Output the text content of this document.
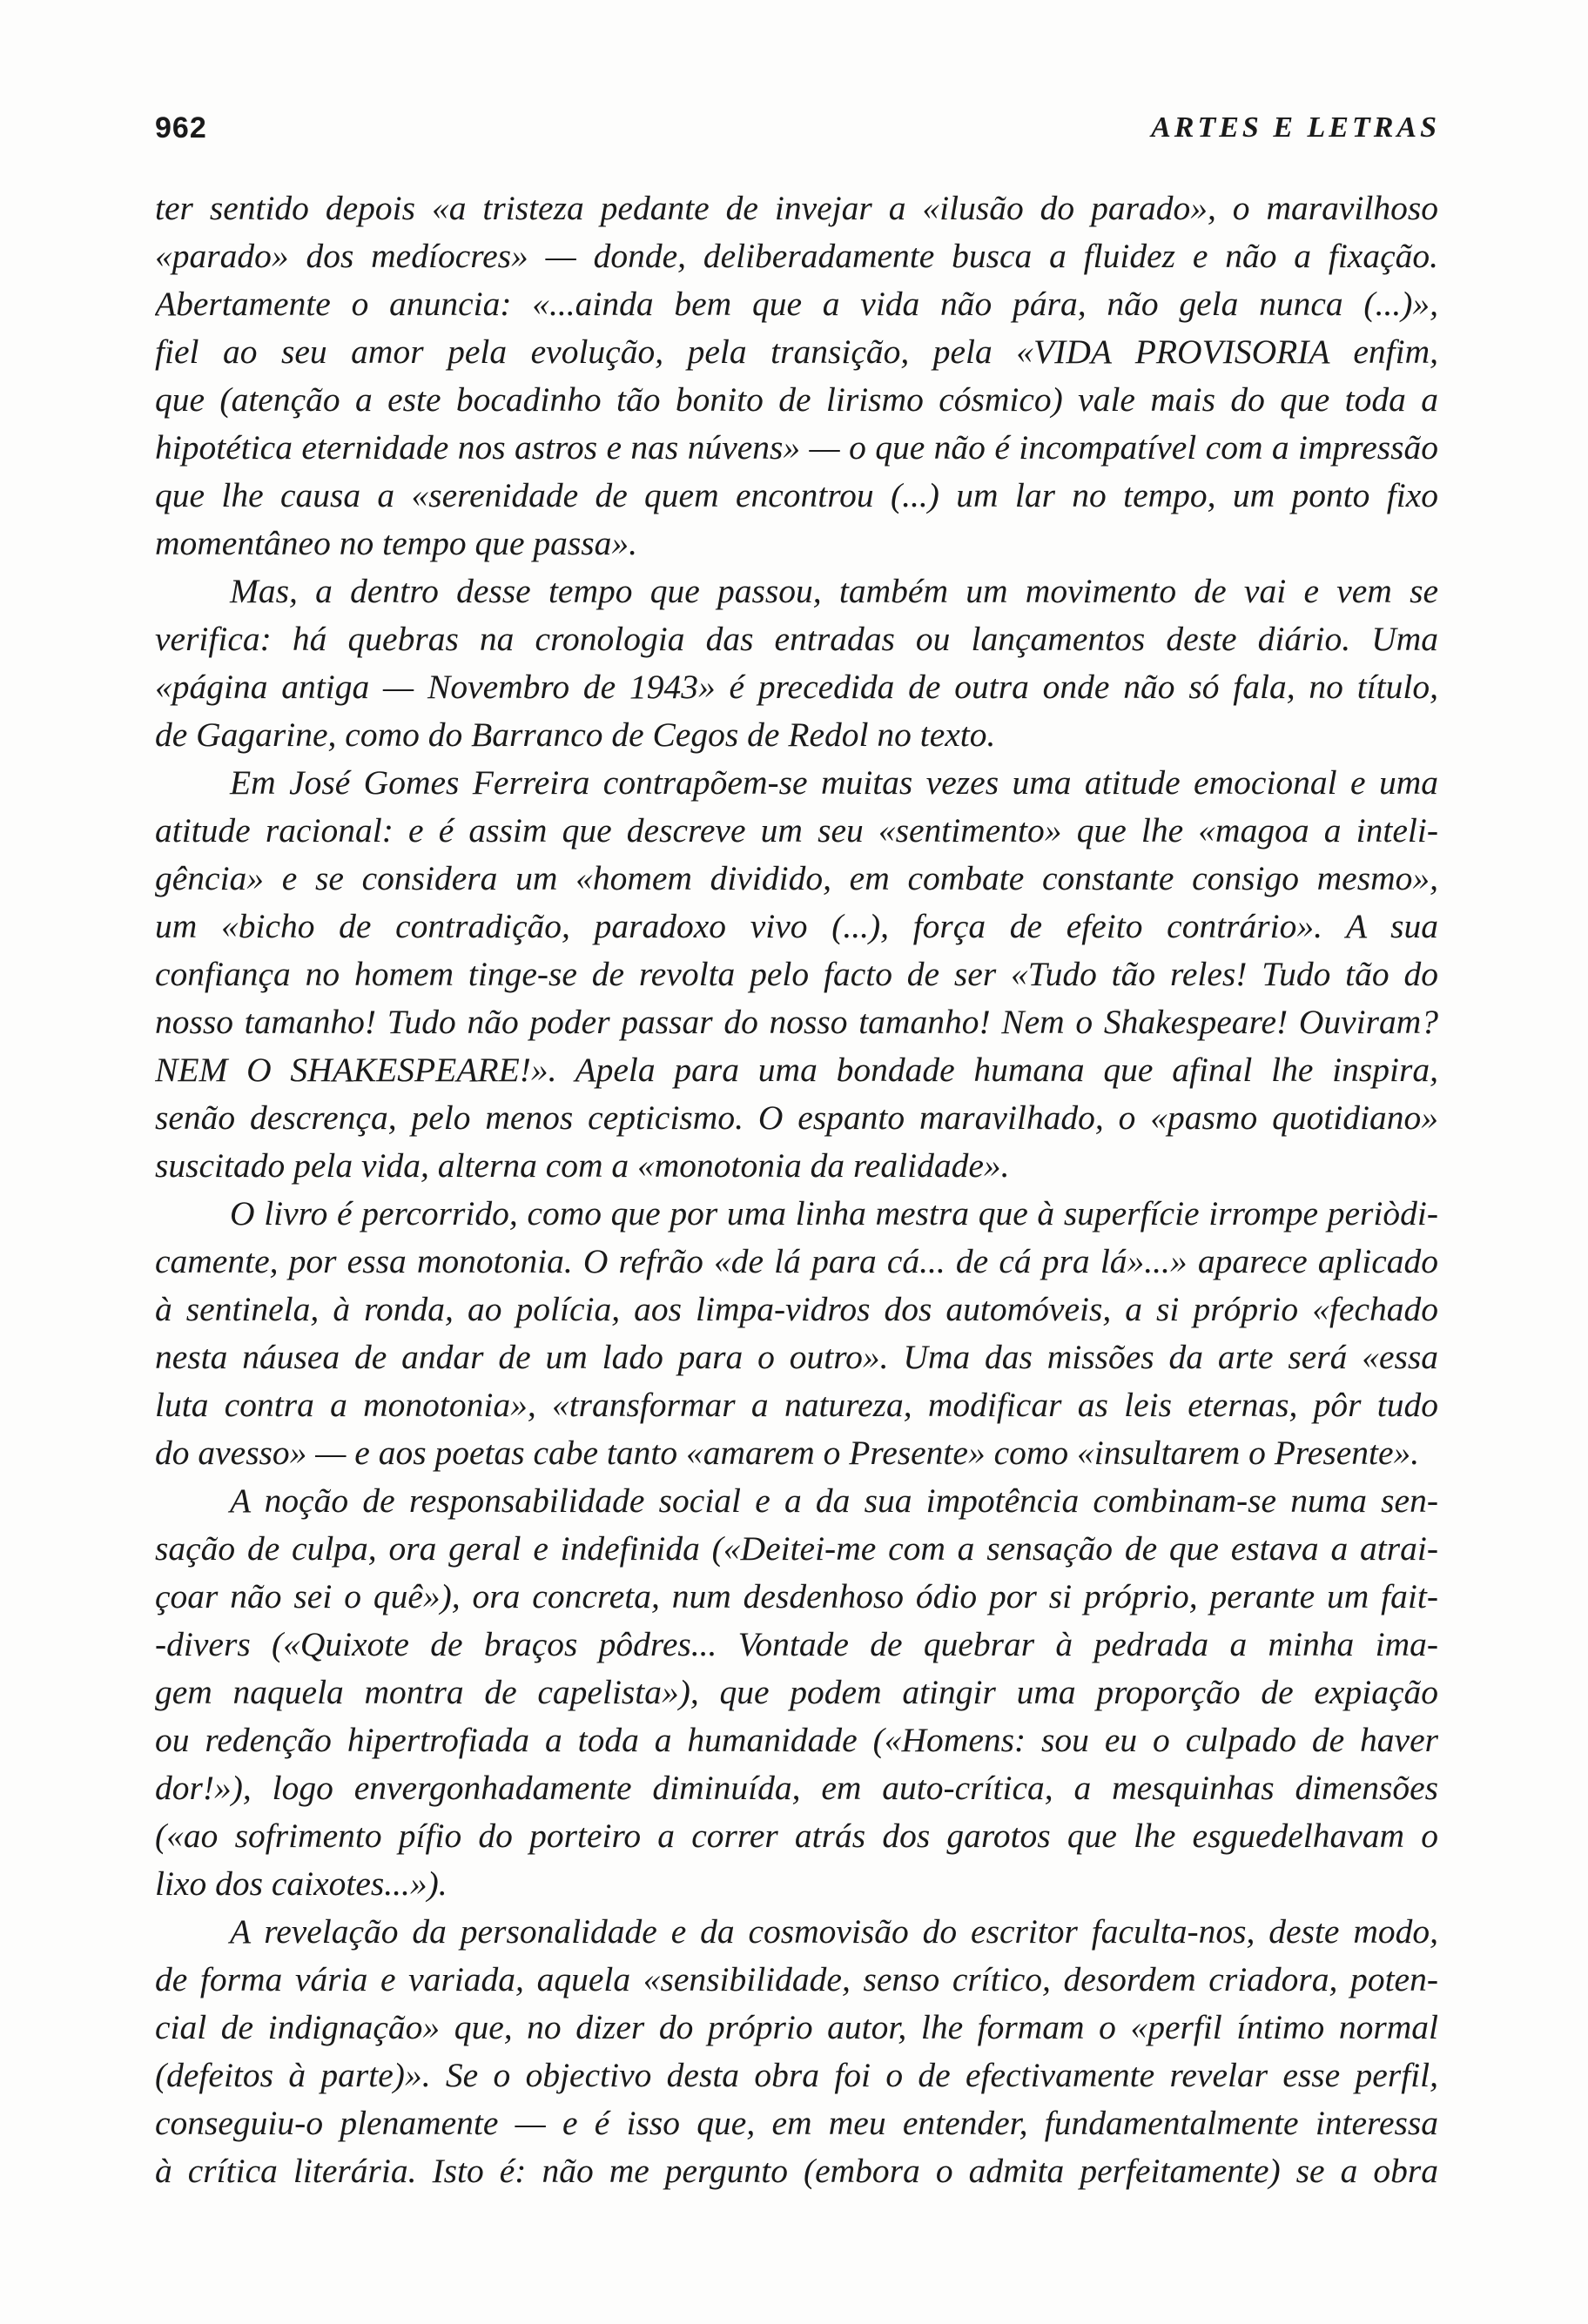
962	ARTES E LETRAS
ter sentido depois «a tristeza pedante de invejar a «ilusão do parado», o maravilhoso
«parado» dos medíocres» — donde, deliberadamente busca a fluidez e não a fixação.
Abertamente o anuncia: «...ainda bem que a vida não pára, não gela nunca (...)»,
fiel ao seu amor pela evolução, pela transição, pela «VIDA PROVISORIA enfim,
que (atenção a este bocadinho tão bonito de lirismo cósmico) vale mais do que toda a
hipotética eternidade nos astros e nas núvens» — o que não é incompatível com a impressão
que lhe causa a «serenidade de quem encontrou (...) um lar no tempo, um ponto fixo
momentâneo no tempo que passa».
Mas, a dentro desse tempo que passou, também um movimento de vai e vem se
verifica: há quebras na cronologia das entradas ou lançamentos deste diário. Uma
«página antiga — Novembro de 1943» é precedida de outra onde não só fala, no título,
de Gagarine, como do Barranco de Cegos de Redol no texto.
Em José Gomes Ferreira contrapõem-se muitas vezes uma atitude emocional e uma
atitude racional: e é assim que descreve um seu «sentimento» que lhe «magoa a inteli-
gência» e se considera um «homem dividido, em combate constante consigo mesmo»,
um «bicho de contradição, paradoxo vivo (...), força de efeito contrário». A sua
confiança no homem tinge-se de revolta pelo facto de ser «Tudo tão reles! Tudo tão do
nosso tamanho! Tudo não poder passar do nosso tamanho! Nem o Shakespeare! Ouviram?
NEM O SHAKESPEARE!». Apela para uma bondade humana que afinal lhe inspira,
senão descrença, pelo menos cepticismo. O espanto maravilhado, o «pasmo quotidiano»
suscitado pela vida, alterna com a «monotonia da realidade».
O livro é percorrido, como que por uma linha mestra que à superfície irrompe periòdi-
camente, por essa monotonia. O refrão «de lá para cá... de cá pra lá»...» aparece aplicado
à sentinela, à ronda, ao polícia, aos limpa-vidros dos automóveis, a si próprio «fechado
nesta náusea de andar de um lado para o outro». Uma das missões da arte será «essa
luta contra a monotonia», «transformar a natureza, modificar as leis eternas, pôr tudo
do avesso» — e aos poetas cabe tanto «amarem o Presente» como «insultarem o Presente».
A noção de responsabilidade social e a da sua impotência combinam-se numa sen-
sação de culpa, ora geral e indefinida («Deitei-me com a sensação de que estava a atrai-
çoar não sei o quê»), ora concreta, num desdenhoso ódio por si próprio, perante um fait-
-divers («Quixote de braços pôdres... Vontade de quebrar à pedrada a minha ima-
gem naquela montra de capelista»), que podem atingir uma proporção de expiação
ou redenção hipertrofiada a toda a humanidade («Homens: sou eu o culpado de haver
dor!»), logo envergonhadamente diminuída, em auto-crítica, a mesquinhas dimensões
(«ao sofrimento pífio do porteiro a correr atrás dos garotos que lhe esguedelhavam o
lixo dos caixotes...»).
A revelação da personalidade e da cosmovisão do escritor faculta-nos, deste modo,
de forma vária e variada, aquela «sensibilidade, senso crítico, desordem criadora, poten-
cial de indignação» que, no dizer do próprio autor, lhe formam o «perfil íntimo normal
(defeitos à parte)». Se o objectivo desta obra foi o de efectivamente revelar esse perfil,
conseguiu-o plenamente — e é isso que, em meu entender, fundamentalmente interessa
à crítica literária. Isto é: não me pergunto (embora o admita perfeitamente) se a obra
